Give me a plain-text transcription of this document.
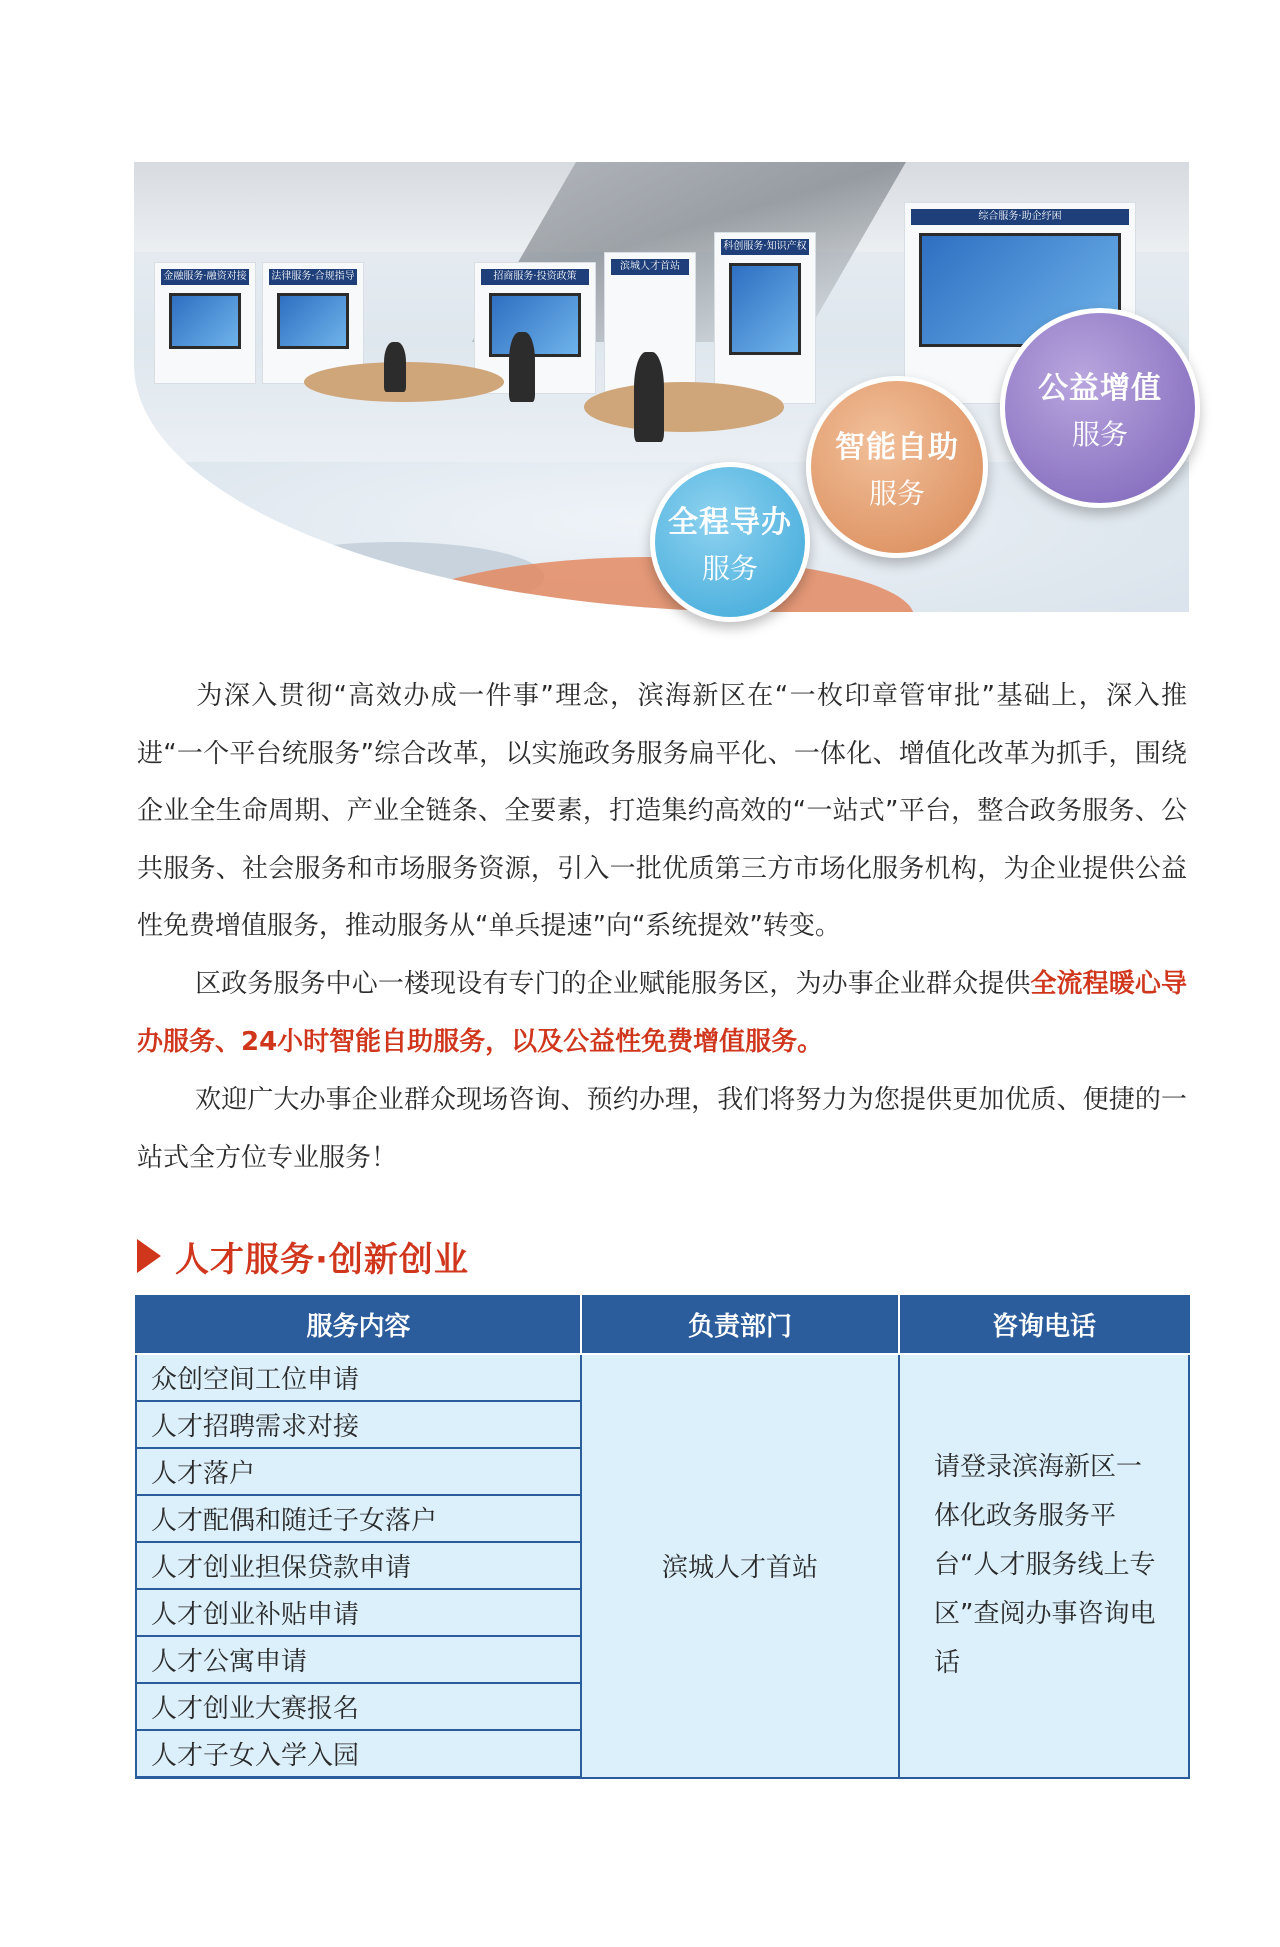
金融服务·融资对接 法律服务·合规指导	招商服务·投资政策
滨城人才首站
科创服务·知识产权
综合服务·助企纾困
全程导办
服务
智能自助
服务
公益增值
服务

为深入贯彻“高效办成一件事”理念，滨海新区在“一枚印章管审批”基础上，深入推进“一个平台统服务”综合改革，以实施政务服务扁平化、一体化、增值化改革为抓手，围绕企业全生命周期、产业全链条、全要素，打造集约高效的“一站式”平台，整合政务服务、公共服务、社会服务和市场服务资源，引入一批优质第三方市场化服务机构，为企业提供公益性免费增值服务，推动服务从“单兵提速”向“系统提效”转变。

区政务服务中心一楼现设有专门的企业赋能服务区，为办事企业群众提供全流程暖心导办服务、24小时智能自助服务，以及公益性免费增值服务。

欢迎广大办事企业群众现场咨询、预约办理，我们将努力为您提供更加优质、便捷的一站式全方位专业服务！

人才服务·创新创业
服务内容	负责部门	咨询电话
众创空间工位申请	滨城人才首站	请登录滨海新区一体化政务服务平台“人才服务线上专区”查阅办事咨询电话
人才招聘需求对接		
人才落户		
人才配偶和随迁子女落户		
人才创业担保贷款申请		
人才创业补贴申请		
人才公寓申请		
人才创业大赛报名		
人才子女入学入园		
